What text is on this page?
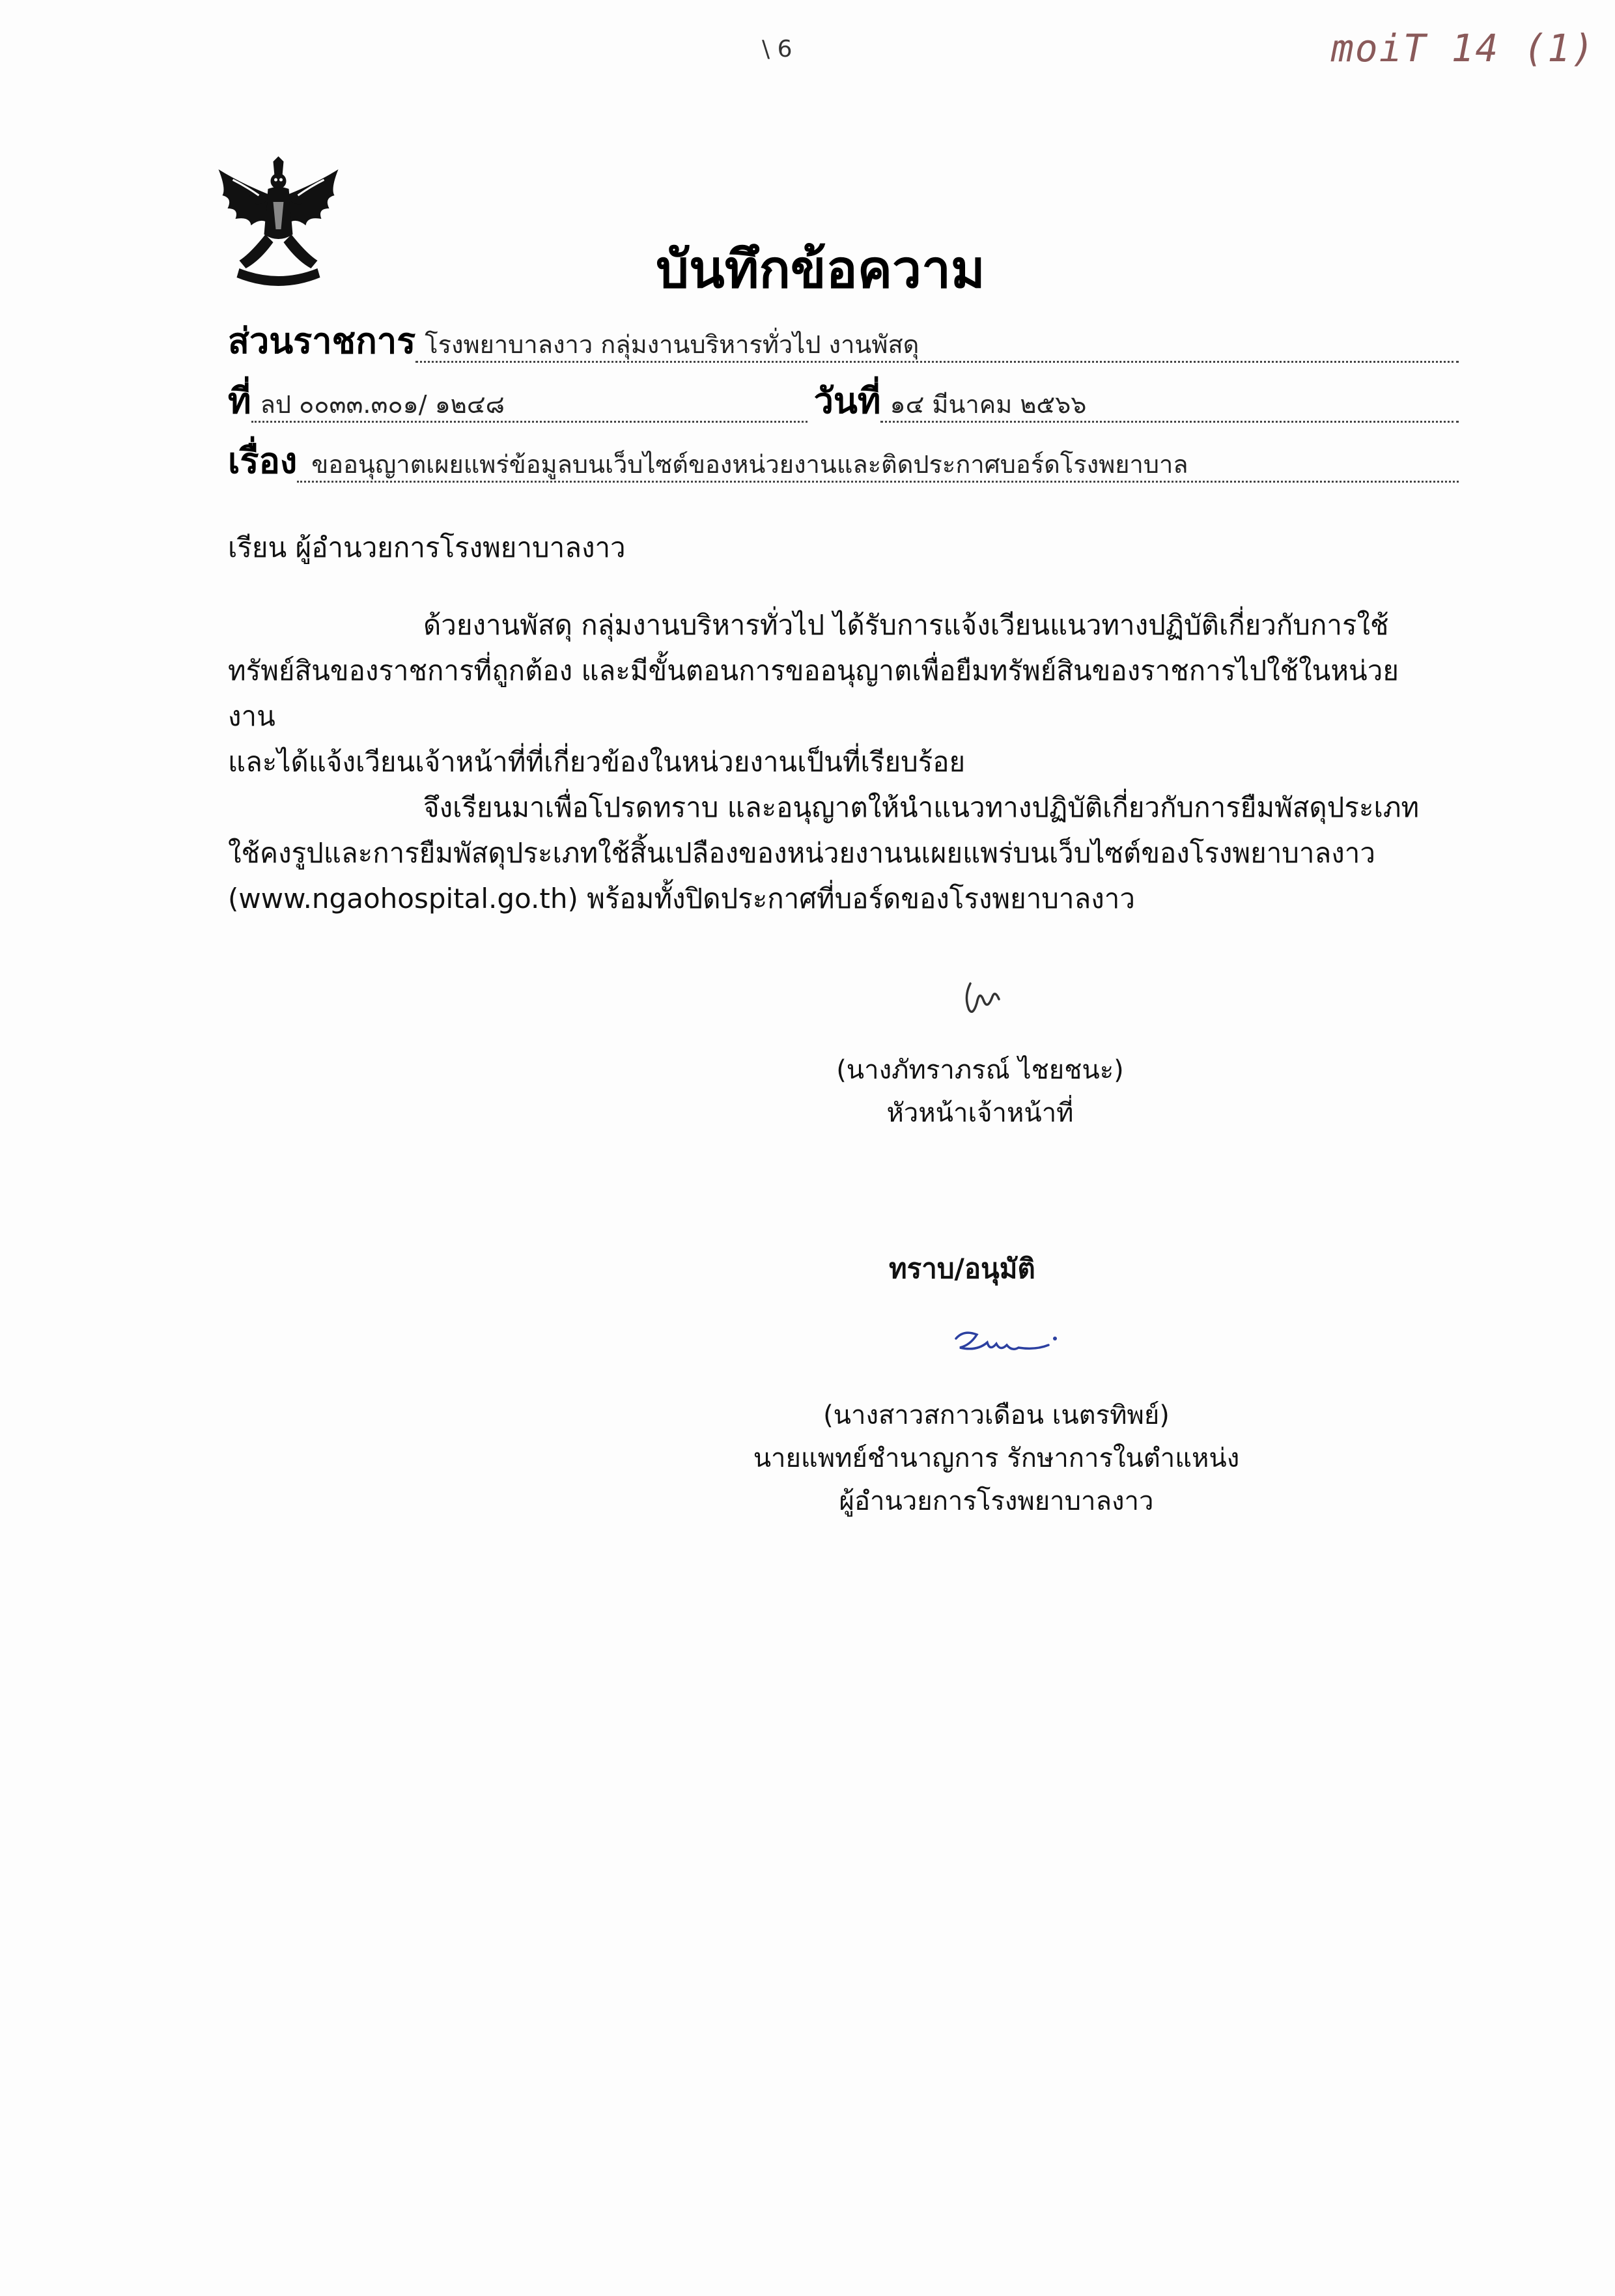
\ 6	moiT 14 (1)
บันทึกข้อความ
ส่วนราชการ โรงพยาบาลงาว กลุ่มงานบริหารทั่วไป งานพัสดุ
ที่ ลป ๐๐๓๓.๓๐๑/ ๑๒๔๘	วันที่ ๑๔ มีนาคม ๒๕๖๖
เรื่อง ขออนุญาตเผยแพร่ข้อมูลบนเว็บไซต์ของหน่วยงานและติดประกาศบอร์ดโรงพยาบาล
เรียน ผู้อำนวยการโรงพยาบาลงาว

ด้วยงานพัสดุ กลุ่มงานบริหารทั่วไป ได้รับการแจ้งเวียนแนวทางปฏิบัติเกี่ยวกับการใช้

ทรัพย์สินของราชการที่ถูกต้อง และมีขั้นตอนการขออนุญาตเพื่อยืมทรัพย์สินของราชการไปใช้ในหน่วยงาน

และได้แจ้งเวียนเจ้าหน้าที่ที่เกี่ยวข้องในหน่วยงานเป็นที่เรียบร้อย

จึงเรียนมาเพื่อโปรดทราบ และอนุญาตให้นำแนวทางปฏิบัติเกี่ยวกับการยืมพัสดุประเภท

ใช้คงรูปและการยืมพัสดุประเภทใช้สิ้นเปลืองของหน่วยงานนเผยแพร่บนเว็บไซต์ของโรงพยาบาลงาว

(www.ngaohospital.go.th) พร้อมทั้งปิดประกาศที่บอร์ดของโรงพยาบาลงาว

(นางภัทราภรณ์ ไชยชนะ)
หัวหน้าเจ้าหน้าที่
ทราบ/อนุมัติ
(นางสาวสกาวเดือน เนตรทิพย์)
นายแพทย์ชำนาญการ รักษาการในตำแหน่ง
ผู้อำนวยการโรงพยาบาลงาว
